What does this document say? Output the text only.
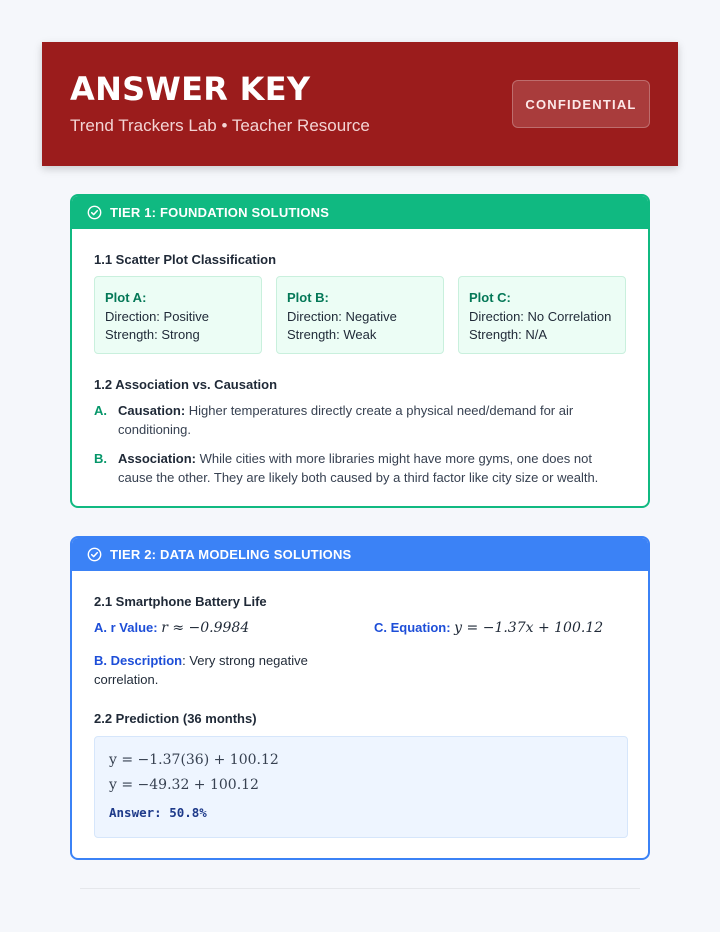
ANSWER KEY
Trend Trackers Lab • Teacher Resource
CONFIDENTIAL
TIER 1: FOUNDATION SOLUTIONS
1.1 Scatter Plot Classification
Plot A:
Direction: Positive
Strength: Strong
Plot B:
Direction: Negative
Strength: Weak
Plot C:
Direction: No Correlation
Strength: N/A
1.2 Association vs. Causation
A. Causation: Higher temperatures directly create a physical need/demand for air conditioning.
B. Association: While cities with more libraries might have more gyms, one does not cause the other. They are likely both caused by a third factor like city size or wealth.
TIER 2: DATA MODELING SOLUTIONS
2.1 Smartphone Battery Life
A. r Value: r ≈ −0.9984	C. Equation: y = −1.37x + 100.12
B. Description: Very strong negative correlation.
2.2 Prediction (36 months)
y = −1.37(36) + 100.12
y = −49.32 + 100.12
Answer: 50.8%
